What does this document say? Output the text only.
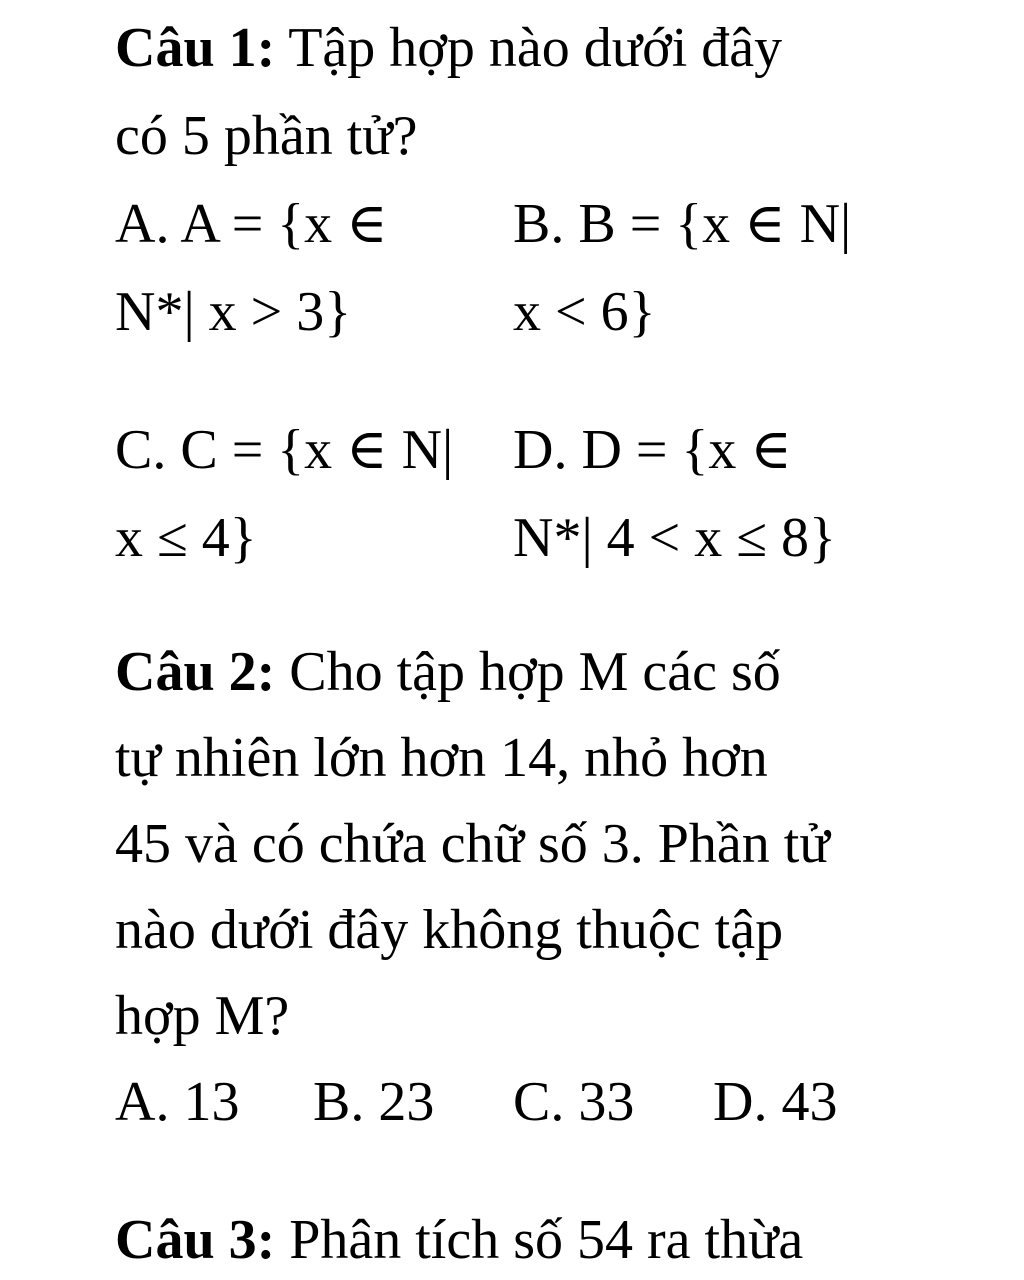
Câu 1: Tập hợp nào dưới đây
có 5 phần tử?
A. A = {x ∈ B. B = {x ∈ N|
N*| x > 3}	x < 6}
C. C = {x ∈ N| D. D = {x ∈
x ≤ 4}	N*| 4 < x ≤ 8}
Câu 2: Cho tập hợp M các số
tự nhiên lớn hơn 14, nhỏ hơn
45 và có chứa chữ số 3. Phần tử
nào dưới đây không thuộc tập
hợp M?
A. 13 B. 23 C. 33 D. 43
Câu 3: Phân tích số 54 ra thừa
